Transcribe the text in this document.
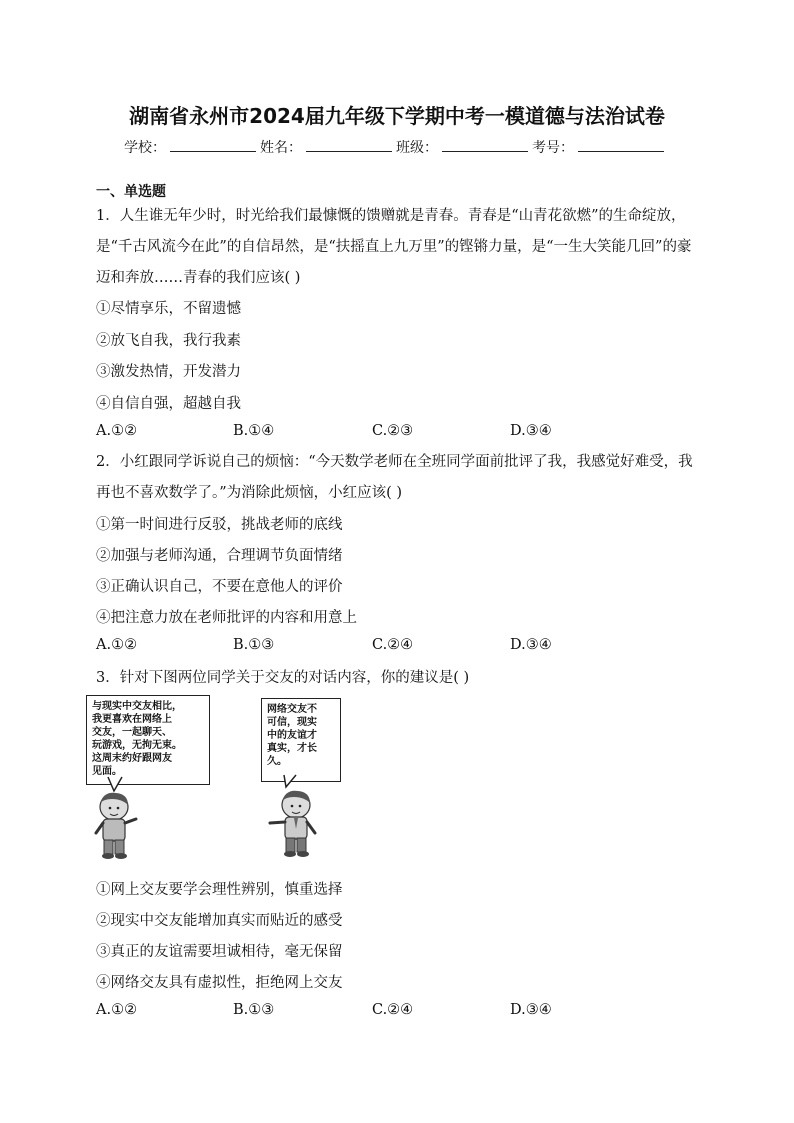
湖南省永州市2024届九年级下学期中考一模道德与法治试卷
学校：	姓名：	班级：	考号：
一、单选题
1．人生谁无年少时，时光给我们最慷慨的馈赠就是青春。青春是“山青花欲燃”的生命绽放，是“千古风流今在此”的自信昂然，是“扶摇直上九万里”的铿锵力量，是“一生大笑能几回”的豪迈和奔放……青春的我们应该( )
①尽情享乐，不留遗憾
②放飞自我，我行我素
③激发热情，开发潜力
④自信自强，超越自我
A.①②	B.①④	C.②③	D.③④
2．小红跟同学诉说自己的烦恼：“今天数学老师在全班同学面前批评了我，我感觉好难受，我再也不喜欢数学了。”为消除此烦恼，小红应该( )
①第一时间进行反驳，挑战老师的底线
②加强与老师沟通，合理调节负面情绪
③正确认识自己，不要在意他人的评价
④把注意力放在老师批评的内容和用意上
A.①②	B.①③	C.②④	D.③④
3．针对下图两位同学关于交友的对话内容，你的建议是( )
与现实中交友相比，
我更喜欢在网络上
交友，一起聊天、
玩游戏，无拘无束。
这周末约好跟网友
见面。
网络交友不
可信，现实
中的友谊才
真实，才长
久。
①网上交友要学会理性辨别，慎重选择
②现实中交友能增加真实而贴近的感受
③真正的友谊需要坦诚相待，毫无保留
④网络交友具有虚拟性，拒绝网上交友
A.①②	B.①③	C.②④	D.③④
